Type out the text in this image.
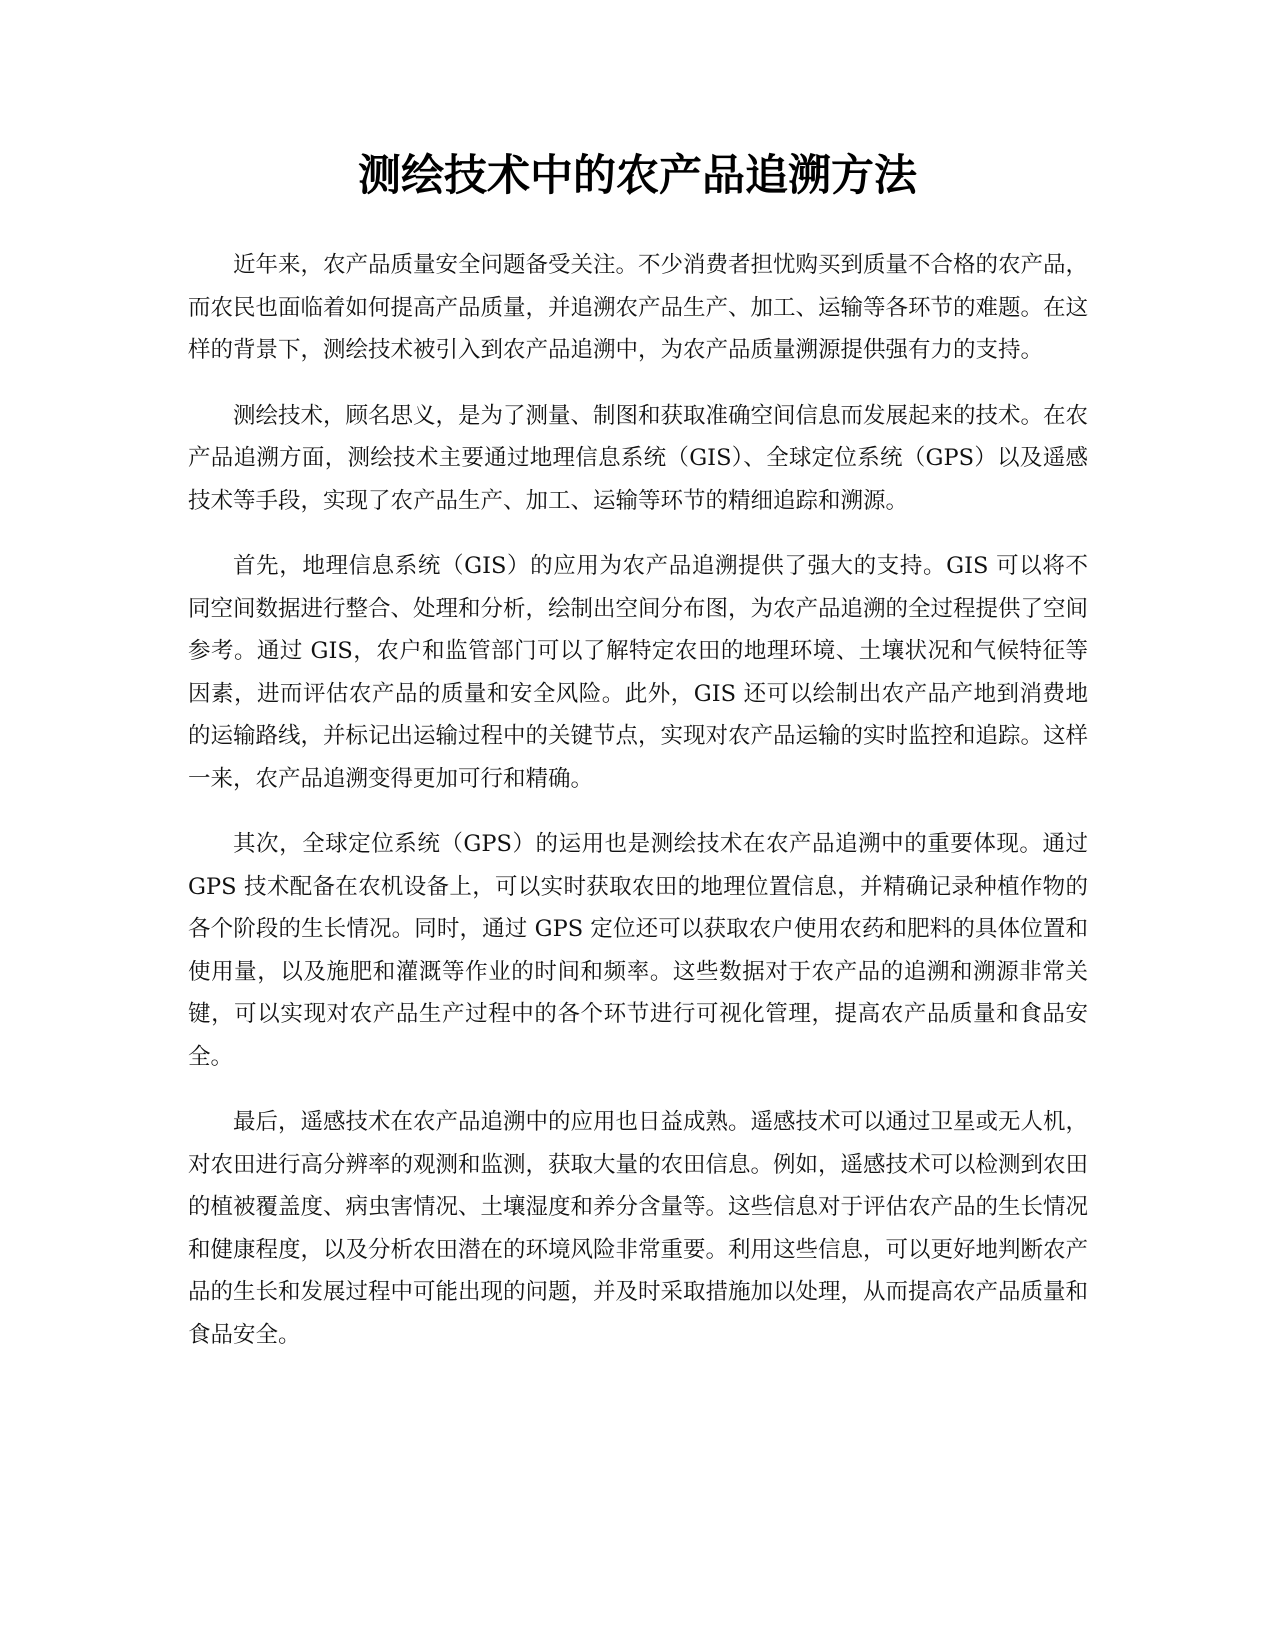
测绘技术中的农产品追溯方法

近年来，农产品质量安全问题备受关注。不少消费者担忧购买到质量不合格的农产品，而农民也面临着如何提高产品质量，并追溯农产品生产、加工、运输等各环节的难题。在这样的背景下，测绘技术被引入到农产品追溯中，为农产品质量溯源提供强有力的支持。

测绘技术，顾名思义，是为了测量、制图和获取准确空间信息而发展起来的技术。在农产品追溯方面，测绘技术主要通过地理信息系统（GIS）、全球定位系统（GPS）以及遥感技术等手段，实现了农产品生产、加工、运输等环节的精细追踪和溯源。

首先，地理信息系统（GIS）的应用为农产品追溯提供了强大的支持。GIS 可以将不同空间数据进行整合、处理和分析，绘制出空间分布图，为农产品追溯的全过程提供了空间参考。通过 GIS，农户和监管部门可以了解特定农田的地理环境、土壤状况和气候特征等因素，进而评估农产品的质量和安全风险。此外，GIS 还可以绘制出农产品产地到消费地的运输路线，并标记出运输过程中的关键节点，实现对农产品运输的实时监控和追踪。这样一来，农产品追溯变得更加可行和精确。

其次，全球定位系统（GPS）的运用也是测绘技术在农产品追溯中的重要体现。通过 GPS 技术配备在农机设备上，可以实时获取农田的地理位置信息，并精确记录种植作物的各个阶段的生长情况。同时，通过 GPS 定位还可以获取农户使用农药和肥料的具体位置和使用量，以及施肥和灌溉等作业的时间和频率。这些数据对于农产品的追溯和溯源非常关键，可以实现对农产品生产过程中的各个环节进行可视化管理，提高农产品质量和食品安全。

最后，遥感技术在农产品追溯中的应用也日益成熟。遥感技术可以通过卫星或无人机，对农田进行高分辨率的观测和监测，获取大量的农田信息。例如，遥感技术可以检测到农田的植被覆盖度、病虫害情况、土壤湿度和养分含量等。这些信息对于评估农产品的生长情况和健康程度，以及分析农田潜在的环境风险非常重要。利用这些信息，可以更好地判断农产品的生长和发展过程中可能出现的问题，并及时采取措施加以处理，从而提高农产品质量和食品安全。
